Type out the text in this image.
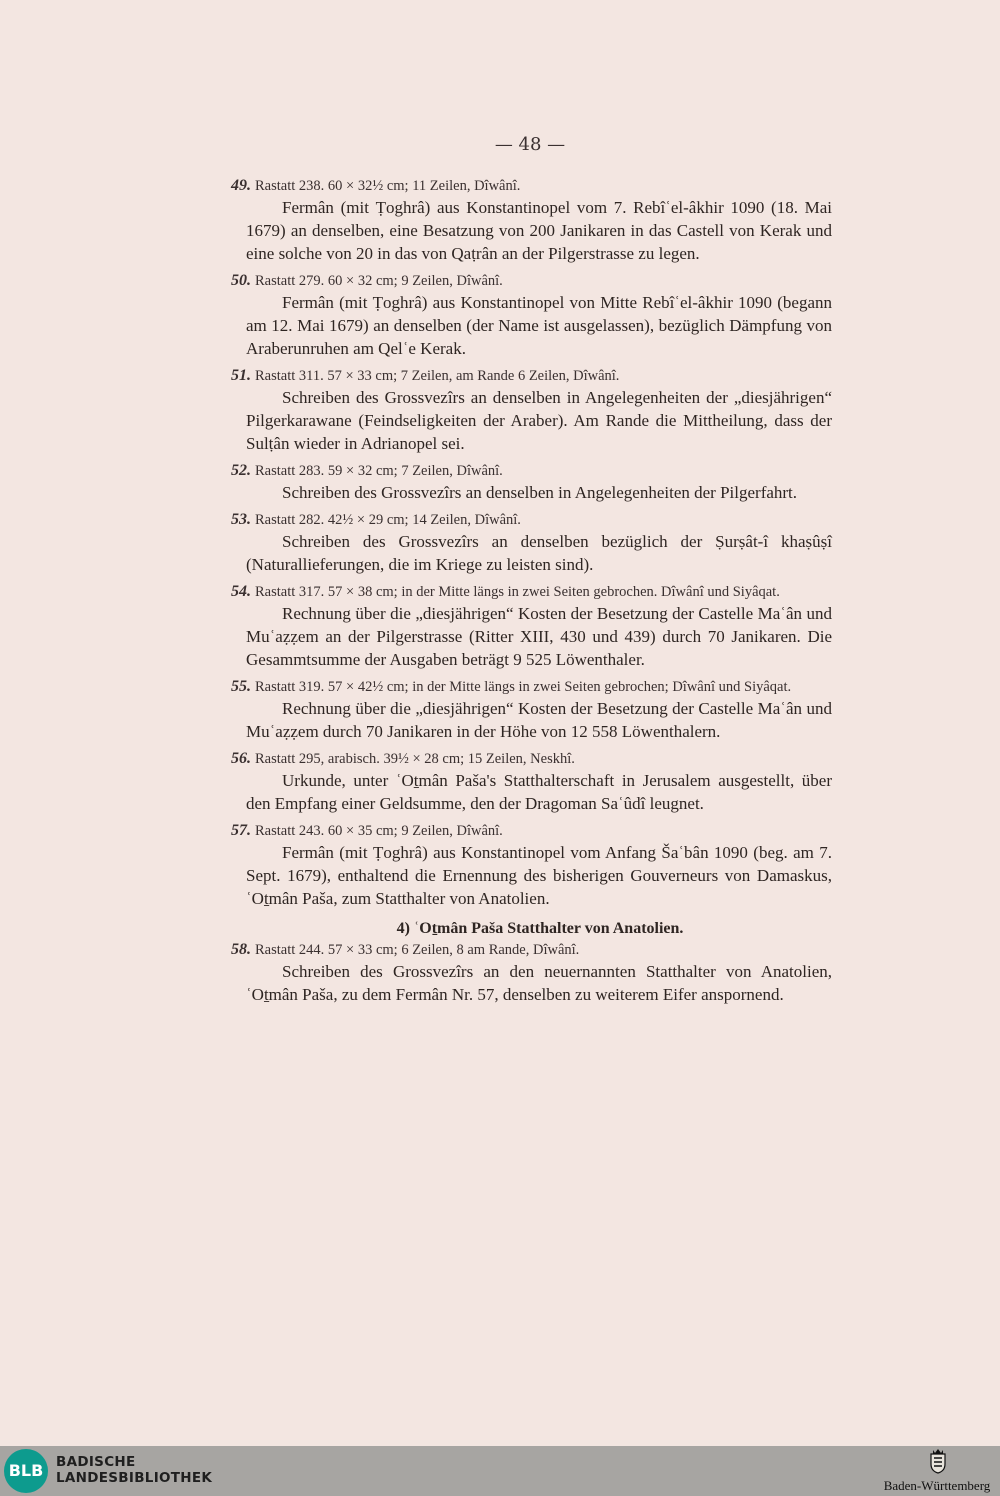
— 48 —
49. Rastatt 238. 60 × 32½ cm; 11 Zeilen, Dîwânî.
Fermân (mit Ṭoghrâ) aus Konstantinopel vom 7. Rebîʿel-âkhir 1090 (18. Mai 1679) an denselben, eine Besatzung von 200 Janikaren in das Castell von Kerak und eine solche von 20 in das von Qaṭrân an der Pilgerstrasse zu legen.
50. Rastatt 279. 60 × 32 cm; 9 Zeilen, Dîwânî.
Fermân (mit Ṭoghrâ) aus Konstantinopel von Mitte Rebîʿel-âkhir 1090 (begann am 12. Mai 1679) an denselben (der Name ist ausgelassen), bezüglich Dämpfung von Araberunruhen am Qelʿe Kerak.
51. Rastatt 311. 57 × 33 cm; 7 Zeilen, am Rande 6 Zeilen, Dîwânî.
Schreiben des Grossvezîrs an denselben in Angelegenheiten der „diesjährigen“ Pilgerkarawane (Feindseligkeiten der Araber). Am Rande die Mittheilung, dass der Sulṭân wieder in Adrianopel sei.
52. Rastatt 283. 59 × 32 cm; 7 Zeilen, Dîwânî.
Schreiben des Grossvezîrs an denselben in Angelegenheiten der Pilgerfahrt.
53. Rastatt 282. 42½ × 29 cm; 14 Zeilen, Dîwânî.
Schreiben des Grossvezîrs an denselben bezüglich der Ṣurṣât-î khaṣûṣî (Naturallieferungen, die im Kriege zu leisten sind).
54. Rastatt 317. 57 × 38 cm; in der Mitte längs in zwei Seiten gebrochen. Dîwânî und Siyâqat.
Rechnung über die „diesjährigen“ Kosten der Besetzung der Castelle Maʿân und Muʿaẓẓem an der Pilgerstrasse (Ritter XIII, 430 und 439) durch 70 Janikaren. Die Gesammtsumme der Ausgaben beträgt 9 525 Löwenthaler.
55. Rastatt 319. 57 × 42½ cm; in der Mitte längs in zwei Seiten gebrochen; Dîwânî und Siyâqat.
Rechnung über die „diesjährigen“ Kosten der Besetzung der Castelle Maʿân und Muʿaẓẓem durch 70 Janikaren in der Höhe von 12 558 Löwenthalern.
56. Rastatt 295, arabisch. 39½ × 28 cm; 15 Zeilen, Neskhî.
Urkunde, unter ʿOṯmân Paša's Statthalterschaft in Jerusalem ausgestellt, über den Empfang einer Geldsumme, den der Dragoman Saʿûdî leugnet.
57. Rastatt 243. 60 × 35 cm; 9 Zeilen, Dîwânî.
Fermân (mit Ṭoghrâ) aus Konstantinopel vom Anfang Šaʿbân 1090 (beg. am 7. Sept. 1679), enthaltend die Ernennung des bisherigen Gouverneurs von Damaskus, ʿOṯmân Paša, zum Statthalter von Anatolien.
4) ʿOṯmân Paša Statthalter von Anatolien.
58. Rastatt 244. 57 × 33 cm; 6 Zeilen, 8 am Rande, Dîwânî.
Schreiben des Grossvezîrs an den neuernannten Statthalter von Anatolien, ʿOṯmân Paša, zu dem Fermân Nr. 57, denselben zu weiterem Eifer anspornend.
BLB BADISCHE
LANDESBIBLIOTHEK	Baden-Württemberg
